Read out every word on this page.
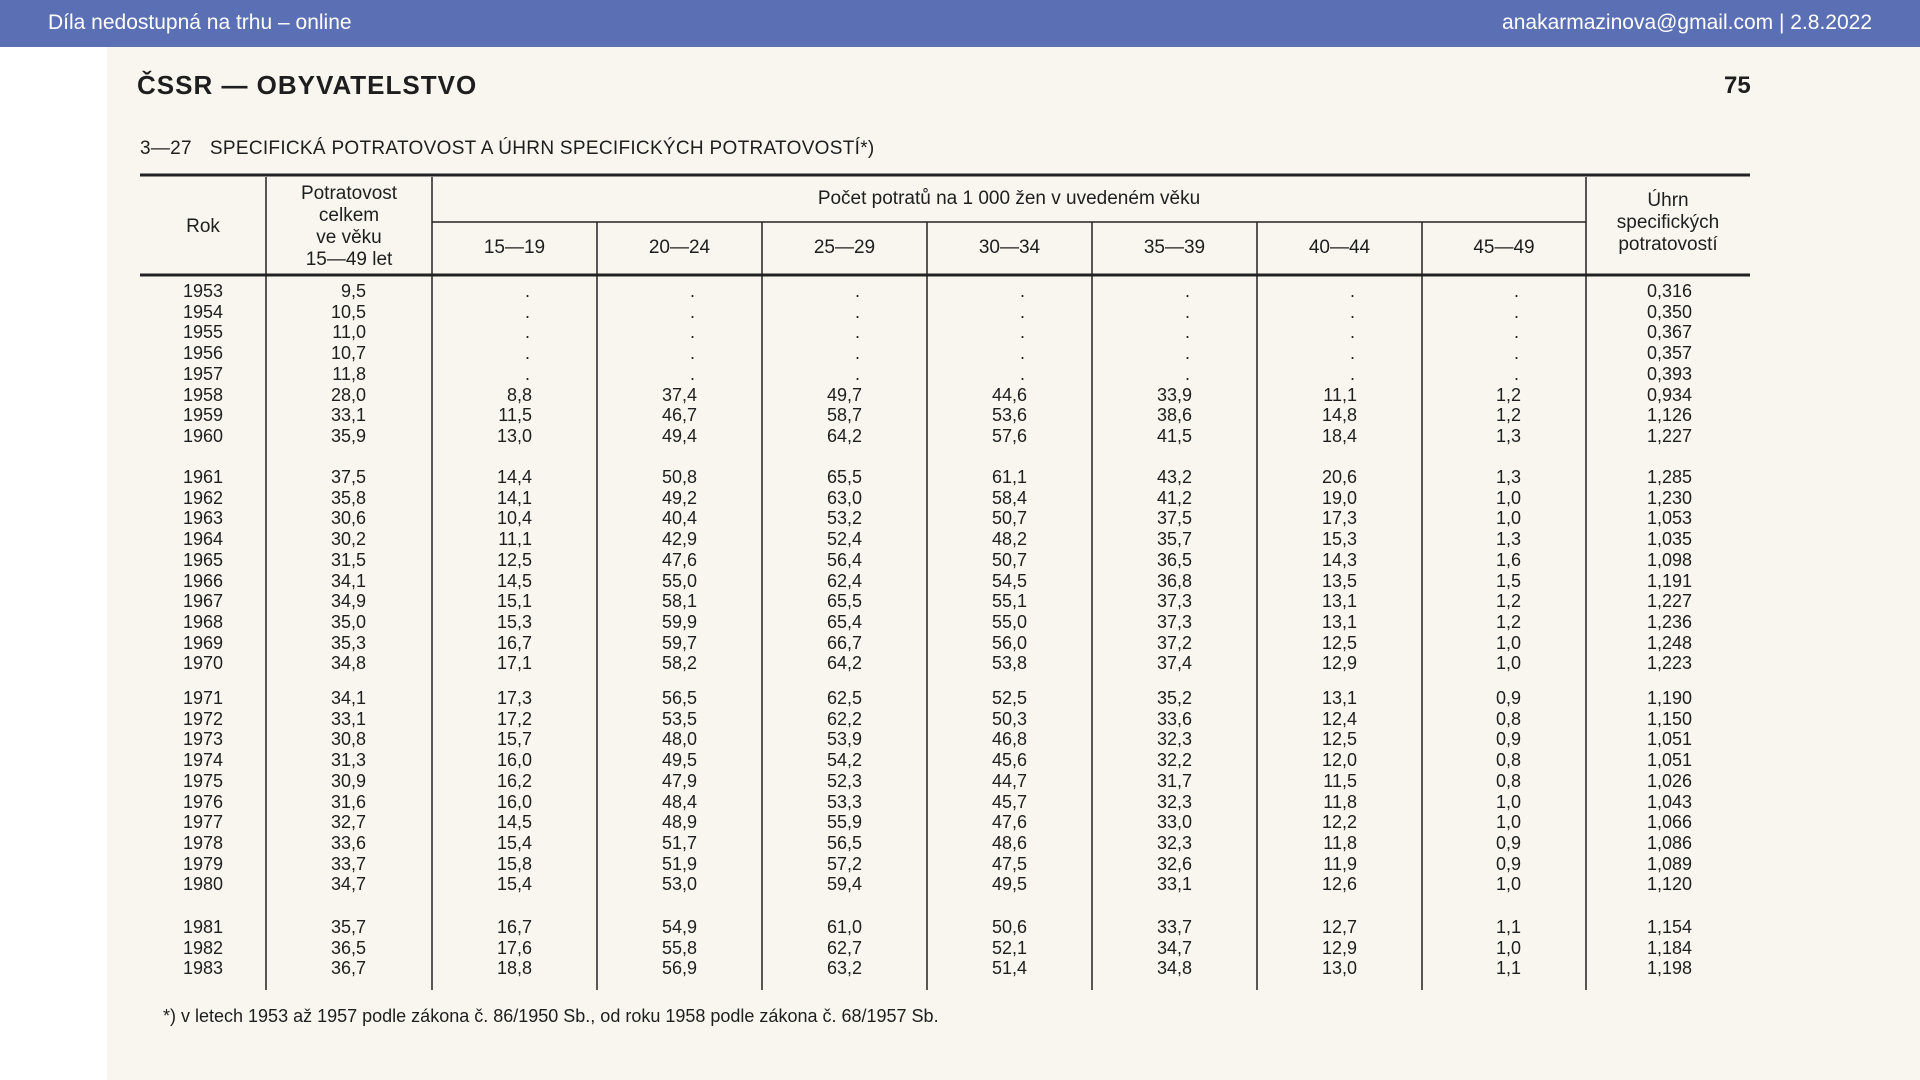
Díla nedostupná na trhu – online	anakarmazinova@gmail.com | 2.8.2022
ČSSR — OBYVATELSTVO	75
3—27 SPECIFICKÁ POTRATOVOST A ÚHRN SPECIFICKÝCH POTRATOVOSTÍ*)
Rok
Potratovost
celkem
ve věku
15—49 let
Počet potratů na 1 000 žen v uvedeném věku
15—19	20—24	25—29	30—34	35—39	40—44	45—49
Úhrn
specifických
potratovostí
1953	9,5	.	.	.	.	.	.	.	0,316
1954	10,5	.	.	.	.	.	.	.	0,350
1955	11,0	.	.	.	.	.	.	.	0,367
1956	10,7	.	.	.	.	.	.	.	0,357
1957	11,8	.	.	.	.	.	.	.	0,393
1958	28,0	8,8	37,4	49,7	44,6	33,9	11,1	1,2	0,934
1959	33,1	11,5	46,7	58,7	53,6	38,6	14,8	1,2	1,126
1960	35,9	13,0	49,4	64,2	57,6	41,5	18,4	1,3	1,227
1961	37,5	14,4	50,8	65,5	61,1	43,2	20,6	1,3	1,285
1962	35,8	14,1	49,2	63,0	58,4	41,2	19,0	1,0	1,230
1963	30,6	10,4	40,4	53,2	50,7	37,5	17,3	1,0	1,053
1964	30,2	11,1	42,9	52,4	48,2	35,7	15,3	1,3	1,035
1965	31,5	12,5	47,6	56,4	50,7	36,5	14,3	1,6	1,098
1966	34,1	14,5	55,0	62,4	54,5	36,8	13,5	1,5	1,191
1967	34,9	15,1	58,1	65,5	55,1	37,3	13,1	1,2	1,227
1968	35,0	15,3	59,9	65,4	55,0	37,3	13,1	1,2	1,236
1969	35,3	16,7	59,7	66,7	56,0	37,2	12,5	1,0	1,248
1970	34,8	17,1	58,2	64,2	53,8	37,4	12,9	1,0	1,223
1971	34,1	17,3	56,5	62,5	52,5	35,2	13,1	0,9	1,190
1972	33,1	17,2	53,5	62,2	50,3	33,6	12,4	0,8	1,150
1973	30,8	15,7	48,0	53,9	46,8	32,3	12,5	0,9	1,051
1974	31,3	16,0	49,5	54,2	45,6	32,2	12,0	0,8	1,051
1975	30,9	16,2	47,9	52,3	44,7	31,7	11,5	0,8	1,026
1976	31,6	16,0	48,4	53,3	45,7	32,3	11,8	1,0	1,043
1977	32,7	14,5	48,9	55,9	47,6	33,0	12,2	1,0	1,066
1978	33,6	15,4	51,7	56,5	48,6	32,3	11,8	0,9	1,086
1979	33,7	15,8	51,9	57,2	47,5	32,6	11,9	0,9	1,089
1980	34,7	15,4	53,0	59,4	49,5	33,1	12,6	1,0	1,120
1981	35,7	16,7	54,9	61,0	50,6	33,7	12,7	1,1	1,154
1982	36,5	17,6	55,8	62,7	52,1	34,7	12,9	1,0	1,184
1983	36,7	18,8	56,9	63,2	51,4	34,8	13,0	1,1	1,198
*) v letech 1953 až 1957 podle zákona č. 86/1950 Sb., od roku 1958 podle zákona č. 68/1957 Sb.
